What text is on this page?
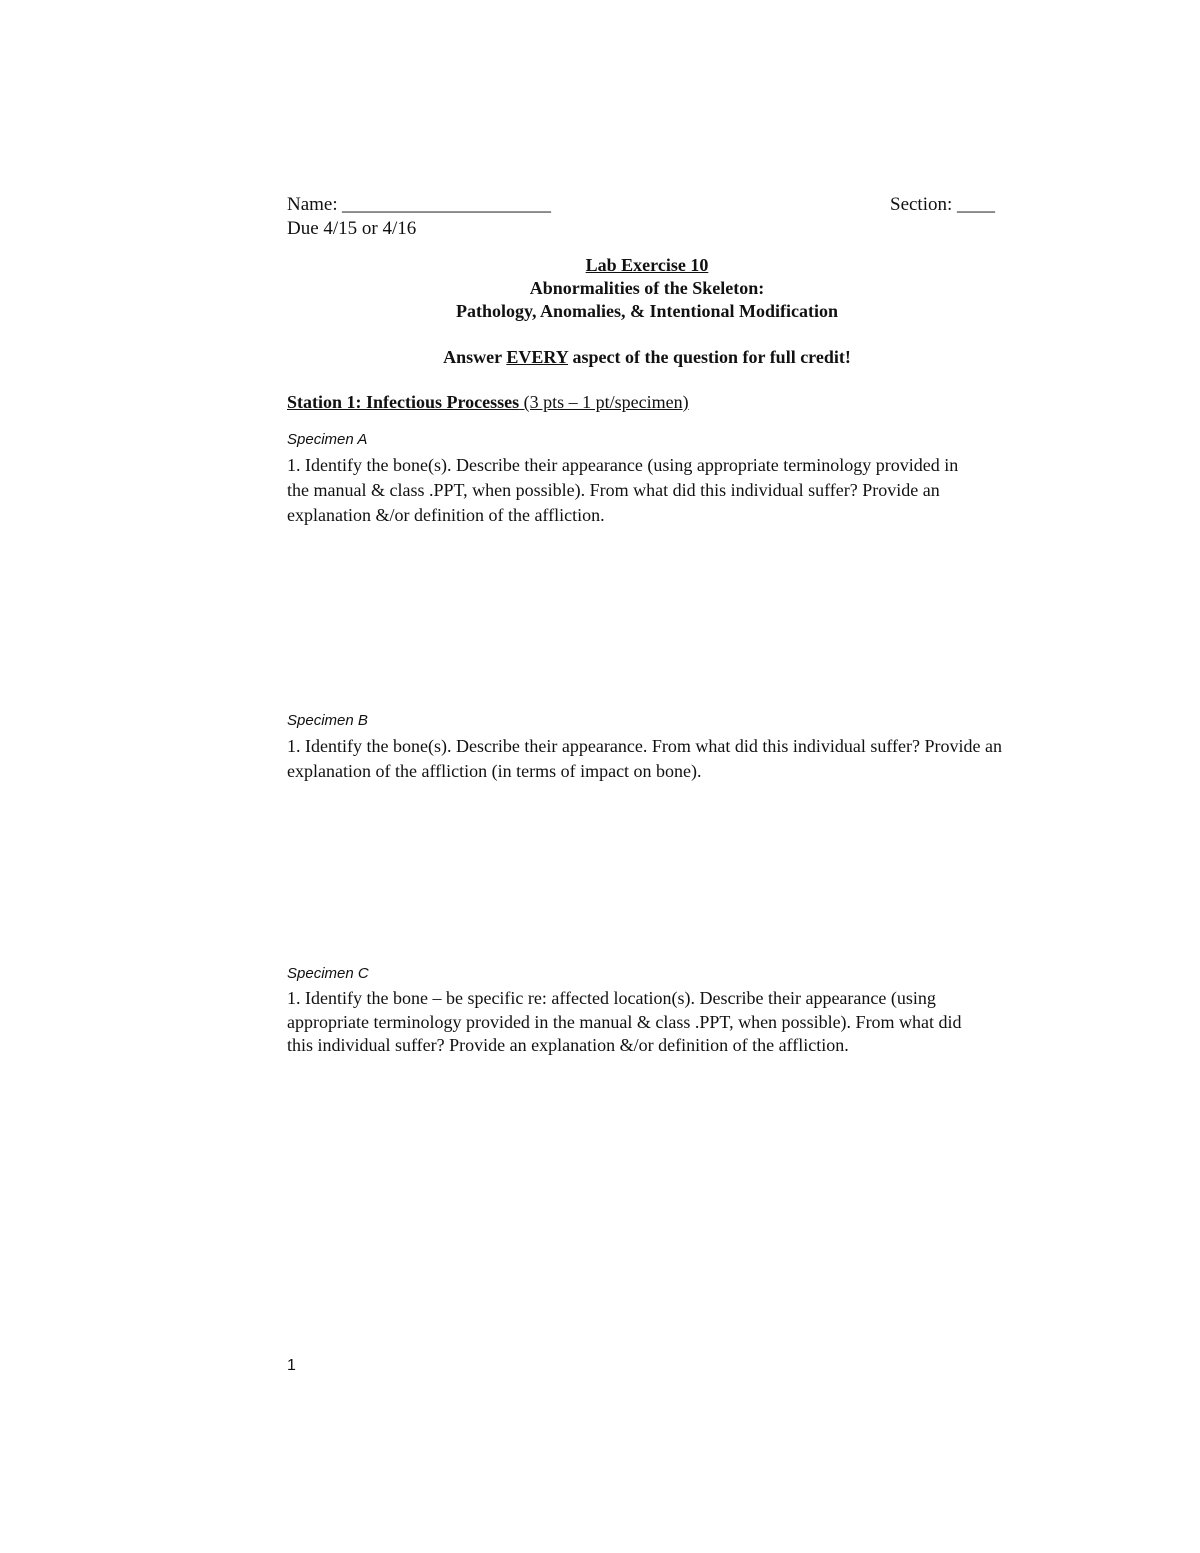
Name: ______________________	Section: ____
Due 4/15 or 4/16
Lab Exercise 10
Abnormalities of the Skeleton:
Pathology, Anomalies, & Intentional Modification
Answer EVERY aspect of the question for full credit!
Station 1: Infectious Processes (3 pts – 1 pt/specimen)
Specimen A
1. Identify the bone(s). Describe their appearance (using appropriate terminology provided in the manual & class .PPT, when possible). From what did this individual suffer? Provide an explanation &/or definition of the affliction.
Specimen B
1. Identify the bone(s). Describe their appearance. From what did this individual suffer? Provide an explanation of the affliction (in terms of impact on bone).
Specimen C
1. Identify the bone – be specific re: affected location(s). Describe their appearance (using appropriate terminology provided in the manual & class .PPT, when possible). From what did this individual suffer? Provide an explanation &/or definition of the affliction.
1
